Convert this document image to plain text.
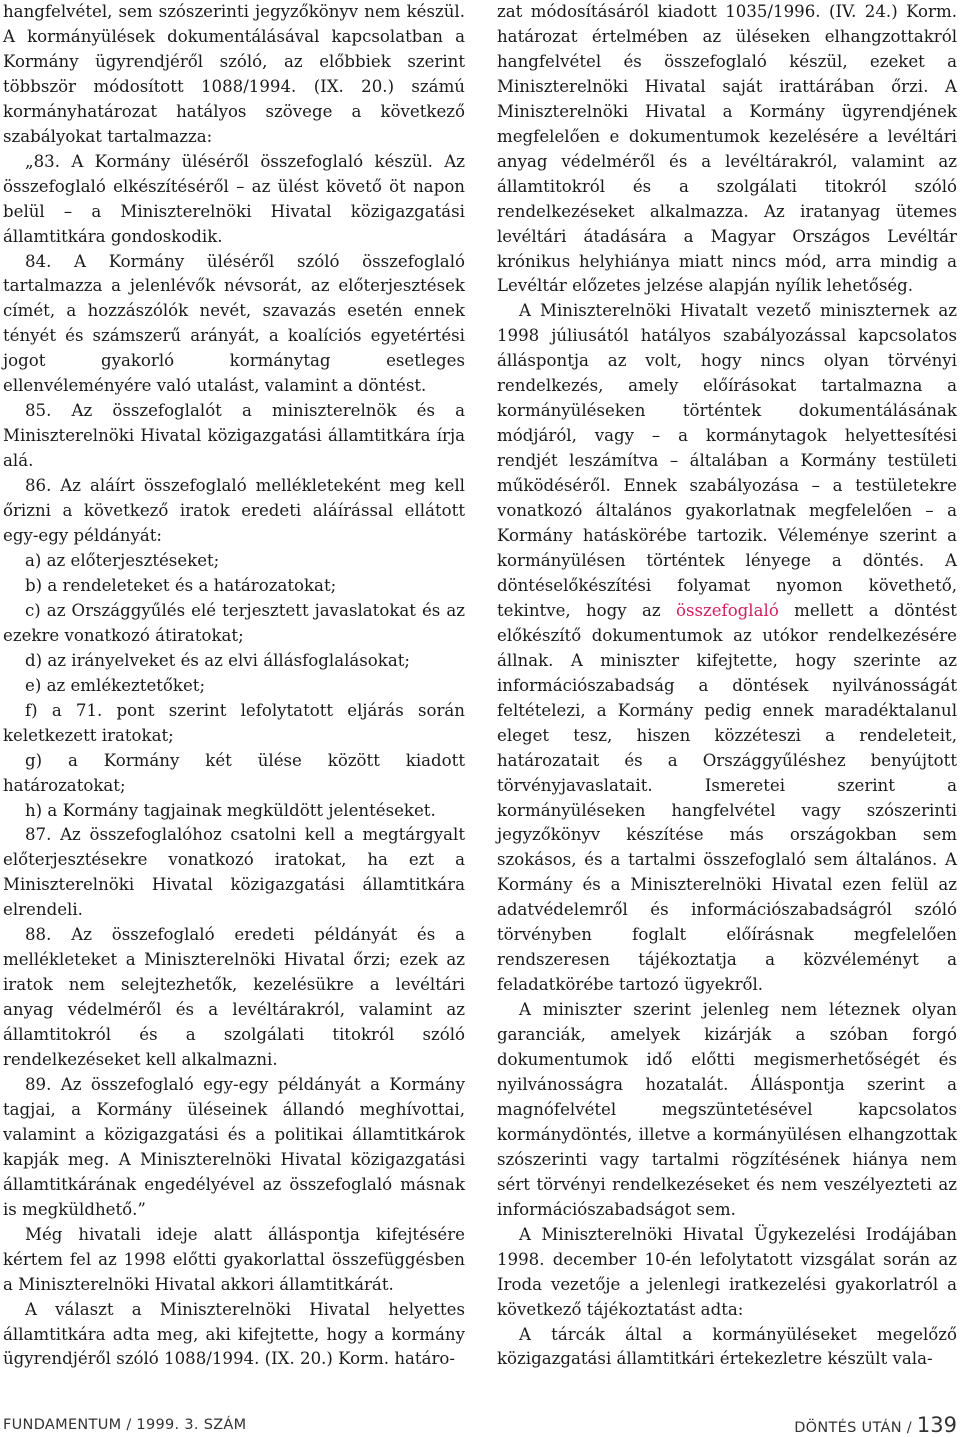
hangfelvétel, sem szószerinti jegyzőkönyv nem készül. A kormányülések dokumentálásával kapcsolatban a Kormány ügyrendjéről szóló, az előbbiek szerint többször módosított 1088/1994. (IX. 20.) számú kormányhatározat hatályos szövege a következő szabályokat tartalmazza:

„83. A Kormány üléséről összefoglaló készül. Az összefoglaló elkészítéséről – az ülést követő öt napon belül – a Miniszterelnöki Hivatal közigazgatási államtitkára gondoskodik.

84. A Kormány üléséről szóló összefoglaló tartalmazza a jelenlévők névsorát, az előterjesztések címét, a hozzászólók nevét, szavazás esetén ennek tényét és számszerű arányát, a koalíciós egyetértési jogot gyakorló kormánytag esetleges ellenvéleményére való utalást, valamint a döntést.

85. Az összefoglalót a miniszterelnök és a Miniszterelnöki Hivatal közigazgatási államtitkára írja alá.

86. Az aláírt összefoglaló mellékleteként meg kell őrizni a következő iratok eredeti aláírással ellátott egy-egy példányát:

a) az előterjesztéseket;

b) a rendeleteket és a határozatokat;

c) az Országgyűlés elé terjesztett javaslatokat és az ezekre vonatkozó átiratokat;

d) az irányelveket és az elvi állásfoglalásokat;

e) az emlékeztetőket;

f) a 71. pont szerint lefolytatott eljárás során keletkezett iratokat;

g) a Kormány két ülése között kiadott határozatokat;

h) a Kormány tagjainak megküldött jelentéseket.

87. Az összefoglalóhoz csatolni kell a megtárgyalt előterjesztésekre vonatkozó iratokat, ha ezt a Miniszterelnöki Hivatal közigazgatási államtitkára elrendeli.

88. Az összefoglaló eredeti példányát és a mellékleteket a Miniszterelnöki Hivatal őrzi; ezek az iratok nem selejtezhetők, kezelésükre a levéltári anyag védelméről és a levéltárakról, valamint az államtitokról és a szolgálati titokról szóló rendelkezéseket kell alkalmazni.

89. Az összefoglaló egy-egy példányát a Kormány tagjai, a Kormány üléseinek állandó meghívottai, valamint a közigazgatási és a politikai államtitkárok kapják meg. A Miniszterelnöki Hivatal közigazgatási államtitkárának engedélyével az összefoglaló másnak is megküldhető.”

Még hivatali ideje alatt álláspontja kifejtésére kértem fel az 1998 előtti gyakorlattal összefüggésben a Miniszterelnöki Hivatal akkori államtitkárát.

A választ a Miniszterelnöki Hivatal helyettes államtitkára adta meg, aki kifejtette, hogy a kormány ügyrendjéről szóló 1088/1994. (IX. 20.) Korm. határo-

zat módosításáról kiadott 1035/1996. (IV. 24.) Korm. határozat értelmében az üléseken elhangzottakról hangfelvétel és összefoglaló készül, ezeket a Miniszterelnöki Hivatal saját irattárában őrzi. A Miniszterelnöki Hivatal a Kormány ügyrendjének megfelelően e dokumentumok kezelésére a levéltári anyag védelméről és a levéltárakról, valamint az államtitokról és a szolgálati titokról szóló rendelkezéseket alkalmazza. Az iratanyag ütemes levéltári átadására a Magyar Országos Levéltár krónikus helyhiánya miatt nincs mód, arra mindig a Levéltár előzetes jelzése alapján nyílik lehetőség.

A Miniszterelnöki Hivatalt vezető miniszternek az 1998 júliusától hatályos szabályozással kapcsolatos álláspontja az volt, hogy nincs olyan törvényi rendelkezés, amely előírásokat tartalmazna a kormányüléseken történtek dokumentálásának módjáról, vagy – a kormánytagok helyettesítési rendjét leszámítva – általában a Kormány testületi működéséről. Ennek szabályozása – a testületekre vonatkozó általános gyakorlatnak megfelelően – a Kormány hatáskörébe tartozik. Véleménye szerint a kormányülésen történtek lényege a döntés. A döntéselőkészítési folyamat nyomon követhető, tekintve, hogy az összefoglaló mellett a döntést előkészítő dokumentumok az utókor rendelkezésére állnak. A miniszter kifejtette, hogy szerinte az információszabadság a döntések nyilvánosságát feltételezi, a Kormány pedig ennek maradéktalanul eleget tesz, hiszen közzéteszi a rendeleteit, határozatait és a Országgyűléshez benyújtott törvényjavaslatait. Ismeretei szerint a kormányüléseken hangfelvétel vagy szószerinti jegyzőkönyv készítése más országokban sem szokásos, és a tartalmi összefoglaló sem általános. A Kormány és a Miniszterelnöki Hivatal ezen felül az adatvédelemről és információszabadságról szóló törvényben foglalt előírásnak megfelelően rendszeresen tájékoztatja a közvéleményt a feladatkörébe tartozó ügyekről.

A miniszter szerint jelenleg nem léteznek olyan garanciák, amelyek kizárják a szóban forgó dokumentumok idő előtti megismerhetőségét és nyilvánosságra hozatalát. Álláspontja szerint a magnófelvétel megszüntetésével kapcsolatos kormánydöntés, illetve a kormányülésen elhangzottak szószerinti vagy tartalmi rögzítésének hiánya nem sért törvényi rendelkezéseket és nem veszélyezteti az információszabadságot sem.

A Miniszterelnöki Hivatal Ügykezelési Irodájában 1998. december 10-én lefolytatott vizsgálat során az Iroda vezetője a jelenlegi iratkezelési gyakorlatról a következő tájékoztatást adta:

A tárcák által a kormányüléseket megelőző közigazgatási államtitkári értekezletre készült vala-

FUNDAMENTUM / 1999. 3. SZÁM	DÖNTÉS UTÁN / 139
